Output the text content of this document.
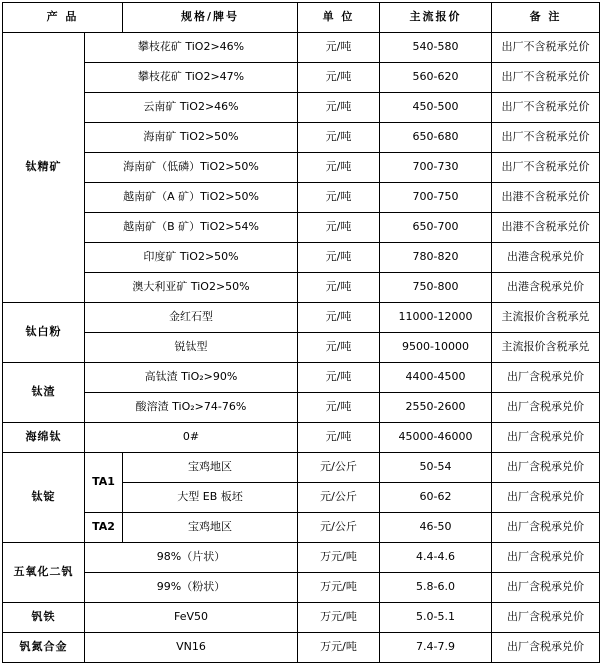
产 品		规格/牌号	单 位	主流报价	备 注
钛精矿	攀枝花矿 TiO2>46%		元/吨	540-580	出厂不含税承兑价
	攀枝花矿 TiO2>47%		元/吨	560-620	出厂不含税承兑价
	云南矿 TiO2>46%		元/吨	450-500	出厂不含税承兑价
	海南矿 TiO2>50%		元/吨	650-680	出厂不含税承兑价
	海南矿（低磷）TiO2>50%		元/吨	700-730	出厂不含税承兑价
	越南矿（A 矿）TiO2>50%		元/吨	700-750	出港不含税承兑价
	越南矿（B 矿）TiO2>54%		元/吨	650-700	出港不含税承兑价
	印度矿 TiO2>50%		元/吨	780-820	出港含税承兑价
	澳大利亚矿 TiO2>50%		元/吨	750-800	出港含税承兑价
钛白粉	金红石型		元/吨	11000-12000	主流报价含税承兑
	锐钛型		元/吨	9500-10000	主流报价含税承兑
钛渣	高钛渣 TiO₂>90%		元/吨	4400-4500	出厂含税承兑价
	酸溶渣 TiO₂>74-76%		元/吨	2550-2600	出厂含税承兑价
海绵钛	0#		元/吨	45000-46000	出厂含税承兑价
钛锭	TA1	宝鸡地区	元/公斤	50-54	出厂含税承兑价
		大型 EB 板坯	元/公斤	60-62	出厂含税承兑价
	TA2	宝鸡地区	元/公斤	46-50	出厂含税承兑价
五氧化二钒	98%（片状）		万元/吨	4.4-4.6	出厂含税承兑价
	99%（粉状）		万元/吨	5.8-6.0	出厂含税承兑价
钒铁	FeV50		万元/吨	5.0-5.1	出厂含税承兑价
钒氮合金	VN16		万元/吨	7.4-7.9	出厂含税承兑价
